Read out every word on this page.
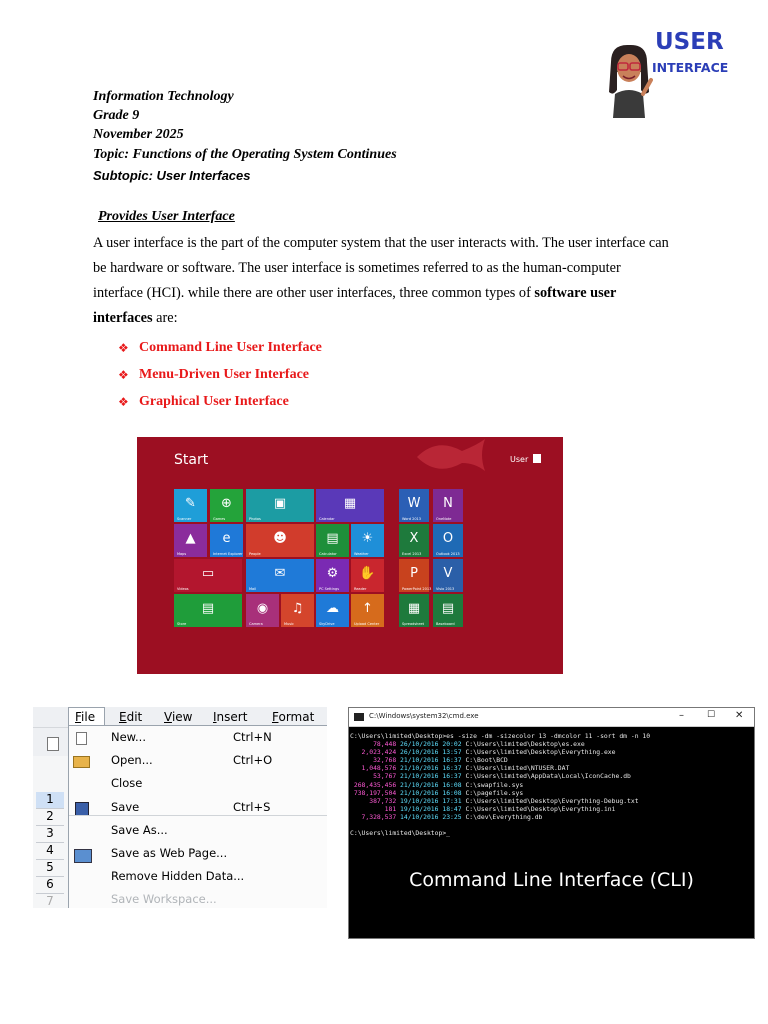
Information Technology
Grade 9
November 2025
Topic: Functions of the Operating System Continues
Subtopic: User Interfaces
USER
INTERFACE
Provides User Interface
A user interface is the part of the computer system that the user interacts with. The user interface can be hardware or software. The user interface is sometimes referred to as the human-computer interface (HCI). while there are other user interfaces, three common types of software user interfaces are:
❖ Command Line User Interface
❖ Menu-Driven User Interface
❖ Graphical User Interface
Start	User
✎
Scanner
⊕
Games
▣
Photos
▦
Calendar
▲
Maps
e
Internet Explorer
☻
People
▤
Calculator
☀
Weather
▭
Videos
✉
Mail
⚙
PC Settings
✋
Reader
▤
Store
◉
Camera
♫
Music
☁
SkyDrive
↑
Upload Center
W
Word 2013
N
OneNote
X
Excel 2013
O
Outlook 2013
P
PowerPoint 2013
V
Visio 2013
▦
Spreadsheet
▤
Baseboard
File Edit View Insert Format
1
2
3
4
5
6
7
New...	Ctrl+N
Open...	Ctrl+O
Close
Save	Ctrl+S
Save As...
Save as Web Page...
Remove Hidden Data...
Save Workspace...
C:\Windows\system32\cmd.exe	–	☐ ✕
C:\Users\limited\Desktop>es -size -dm -sizecolor 13 -dmcolor 11 -sort dm -n 10
78,448 26/10/2016 20:02 C:\Users\limited\Desktop\es.exe
2,023,424 26/10/2016 13:57 C:\Users\limited\Desktop\Everything.exe
32,768 21/10/2016 16:37 C:\Boot\BCD
1,048,576 21/10/2016 16:37 C:\Users\limited\NTUSER.DAT
53,767 21/10/2016 16:37 C:\Users\limited\AppData\Local\IconCache.db
268,435,456 21/10/2016 16:08 C:\swapfile.sys
738,197,504 21/10/2016 16:08 C:\pagefile.sys
387,732 19/10/2016 17:31 C:\Users\limited\Desktop\Everything-Debug.txt
181 19/10/2016 18:47 C:\Users\limited\Desktop\Everything.ini
7,328,537 14/10/2016 23:25 C:\dev\Everything.db

C:\Users\limited\Desktop>_
Command Line Interface (CLI)
